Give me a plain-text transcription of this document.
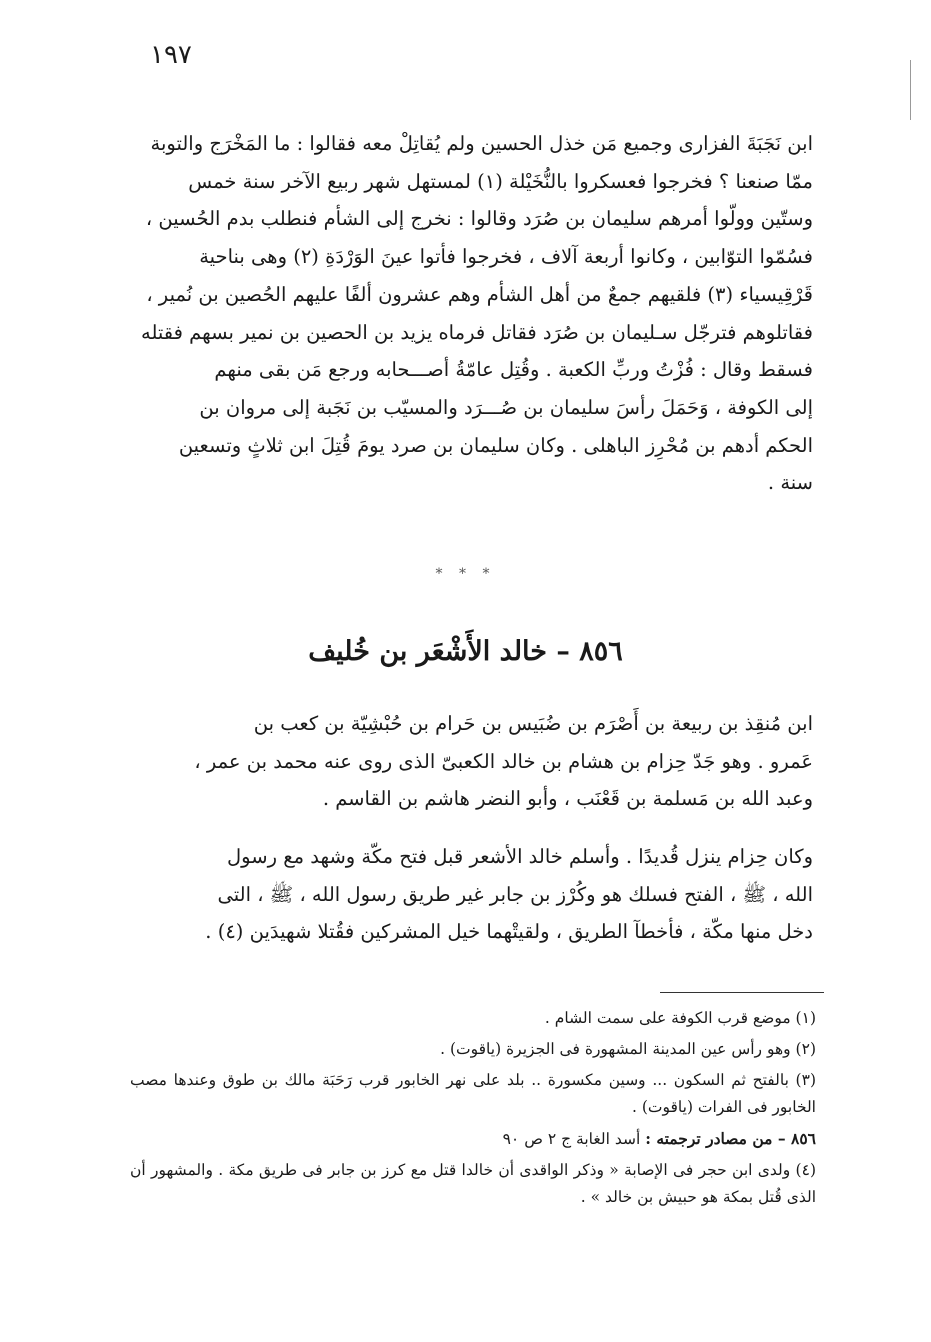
١٩٧

ابن نَجَبَةَ الفزارى وجميع مَن خذل الحسين ولم يُقاتِلْ معه فقالوا : ما المَخْرَج والتوبة

ممّا صنعنا ؟ فخرجوا فعسكروا بالنُّخَيْلة (١) لمستهل شهر ربيع الآخر سنة خمس

وستّين وولّوا أمرهم سليمان بن صُرَد وقالوا : نخرج إلى الشأم فنطلب بدم الحُسين ،

فسُمّوا التوّابين ، وكانوا أربعة آلاف ، فخرجوا فأتوا عينَ الوَرْدَةِ (٢) وهى بناحية

قَرْقِيسياء (٣) فلقيهم جمعٌ من أهل الشأم وهم عشرون ألفًا عليهم الحُصين بن نُمير ،

فقاتلوهم فترجّل سـليمان بن صُرَد فقاتل فرماه يزيد بن الحصين بن نمير بسهم فقتله

فسقط وقال : فُزْتُ وربِّ الكعبة . وقُتِل عامّةُ أصـــحابه ورجع مَن بقى منهم

إلى الكوفة ، وَحَمَلَ رأسَ سليمان بن صُـــرَد والمسيّب بن نَجَبة إلى مروان بن

الحكم أدهم بن مُحْرِز الباهلى . وكان سليمان بن صرد يومَ قُتِلَ ابن ثلاثٍ وتسعين

سنة .

* * *
٨٥٦ – خالد الأَشْعَر بن خُليف

ابن مُنقِذ بن ربيعة بن أَصْرَم بن ضُبَيس بن حَرام بن حُبْشِيّة بن كعب بن

عَمرو . وهو جَدّ حِزام بن هشام بن خالد الكعبىّ الذى روى عنه محمد بن عمر ،

وعبد الله بن مَسلمة بن قَعْنَب ، وأبو النضر هاشم بن القاسم .

وكان حِزام ينزل قُديدًا . وأسلم خالد الأشعر قبل فتح مكّة وشهد مع رسول

الله ، ﷺ ، الفتح فسلك هو وكُرْز بن جابر غير طريق رسول الله ، ﷺ ، التى

دخل منها مكّة ، فأخطآ الطريق ، ولقيتْهما خيل المشركين فقُتلا شهيدَين (٤) .

(١) موضع قرب الكوفة على سمت الشام .

(٢) وهو رأس عين المدينة المشهورة فى الجزيرة (ياقوت) .

(٣) بالفتح ثم السكون ... وسين مكسورة .. بلد على نهر الخابور قرب رَحَبَة مالك بن طوق وعندها مصب الخابور فى الفرات (ياقوت) .

٨٥٦ – من مصادر ترجمته : أسد الغابة ج ٢ ص ٩٠

(٤) ولدى ابن حجر فى الإصابة « وذكر الواقدى أن خالدا قتل مع كرز بن جابر فى طريق مكة . والمشهور أن الذى قُتل بمكة هو حبيش بن خالد » .
